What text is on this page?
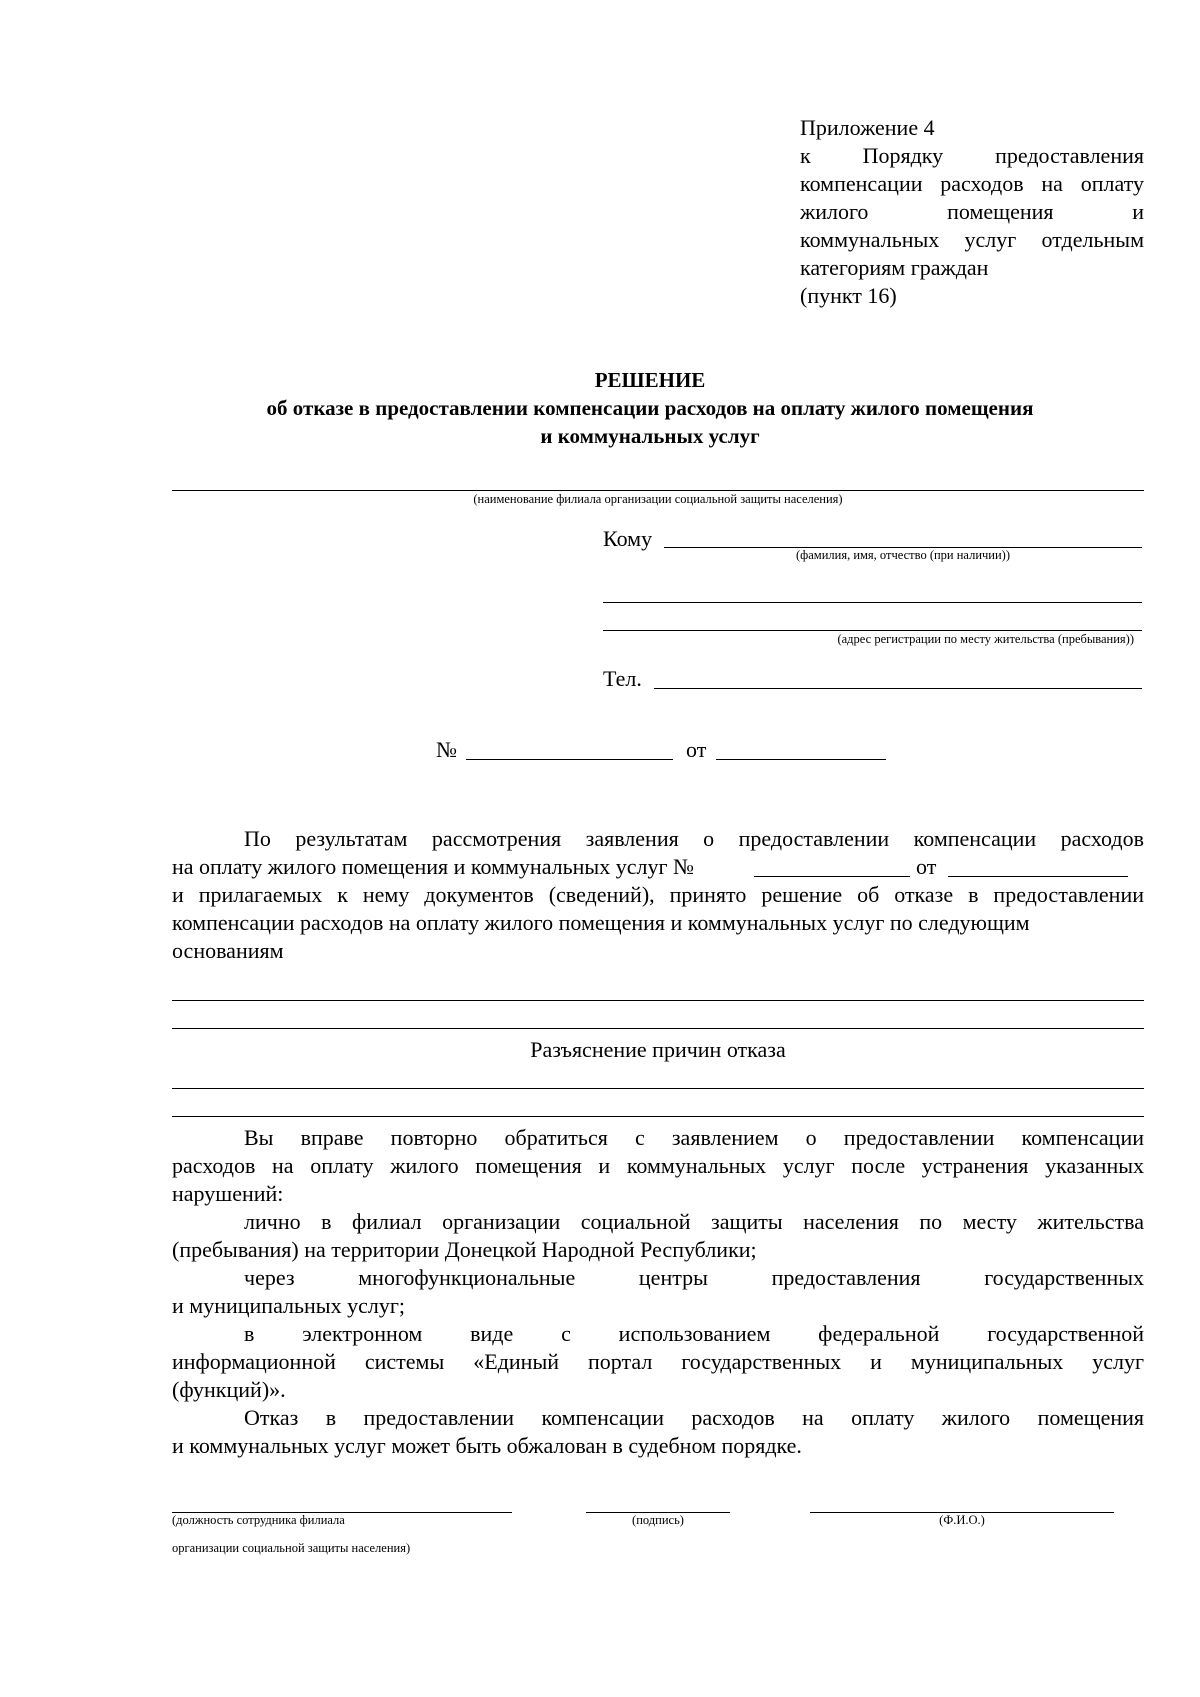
Приложение 4
к Порядку предоставления
компенсации расходов на оплату
жилого помещения и
коммунальных услуг отдельным
категориям граждан
(пункт 16)
РЕШЕНИЕ
об отказе в предоставлении компенсации расходов на оплату жилого помещения
и коммунальных услуг
(наименование филиала организации социальной защиты населения)
Кому
(фамилия, имя, отчество (при наличии))
(адрес регистрации по месту жительства (пребывания))
Тел.
№	от
По результатам рассмотрения заявления о предоставлении компенсации расходов
на оплату жилого помещения и коммунальных услуг №	от
и прилагаемых к нему документов (сведений), принято решение об отказе в предоставлении
компенсации расходов на оплату жилого помещения и коммунальных услуг по следующим
основаниям
Разъяснение причин отказа
Вы вправе повторно обратиться с заявлением о предоставлении компенсации
расходов на оплату жилого помещения и коммунальных услуг после устранения указанных
нарушений:
лично в филиал организации социальной защиты населения по месту жительства
(пребывания) на территории Донецкой Народной Республики;
через многофункциональные центры предоставления государственных
и муниципальных услуг;
в электронном виде с использованием федеральной государственной
информационной системы «Единый портал государственных и муниципальных услуг
(функций)».
Отказ в предоставлении компенсации расходов на оплату жилого помещения
и коммунальных услуг может быть обжалован в судебном порядке.
(должность сотрудника филиала
организации социальной защиты населения)
(подпись)	(Ф.И.О.)
